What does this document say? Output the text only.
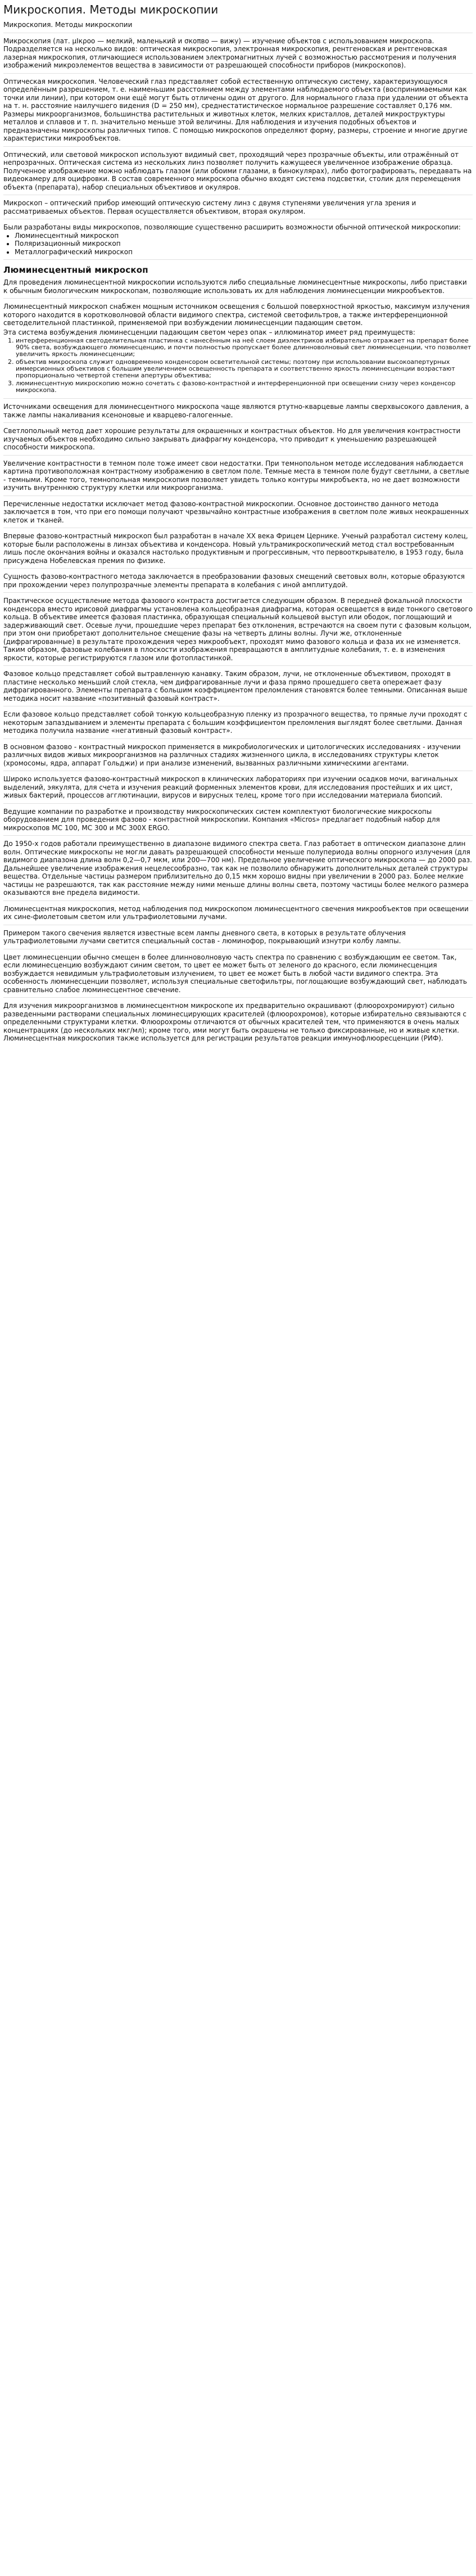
Микроскопия. Методы микроскопии

Микроскопия. Методы микроскопии

Микроскопия (лат. μΙкροο — мелкий, маленький и σкоπво — вижу) — изучение объектов с использованием микроскопа. Подразделяется на несколько видов: оптическая микроскопия, электронная микроскопия, рентгеновская и рентгеновская лазерная микроскопия, отличающиеся использованием электромагнитных лучей с возможностью рассмотрения и получения изображений микроэлементов вещества в зависимости от разрешающей способности приборов (микроскопов).

Оптическая микроскопия. Человеческий глаз представляет собой естественную оптическую систему, характеризующуюся определённым разрешением, т. е. наименьшим расстоянием между элементами наблюдаемого объекта (воспринимаемыми как точки или линии), при котором они ещё могут быть отличены один от другого. Для нормального глаза при удалении от объекта на т. н. расстояние наилучшего видения (D = 250 мм), среднестатистическое нормальное разрешение составляет 0,176 мм. Размеры микроорганизмов, большинства растительных и животных клеток, мелких кристаллов, деталей микроструктуры металлов и сплавов и т. п. значительно меньше этой величины. Для наблюдения и изучения подобных объектов и предназначены микроскопы различных типов. С помощью микроскопов определяют форму, размеры, строение и многие другие характеристики микрообъектов.

Оптический, или световой микроскоп используют видимый свет, проходящий через прозрачные объекты, или отражённый от непрозрачных. Оптическая система из нескольких линз позволяет получить кажущееся увеличенное изображение образца. Полученное изображение можно наблюдать глазом (или обоими глазами, в бинокулярах), либо фотографировать, передавать на видеокамеру для оцифровки. В состав современного микроскопа обычно входят система подсветки, столик для перемещения объекта (препарата), набор специальных объективов и окуляров.

Микроскоп – оптический прибор имеющий оптическую систему линз с двумя ступенями увеличения угла зрения и рассматриваемых объектов. Первая осуществляется объективом, вторая окуляром.

Были разработаны виды микроскопов, позволяющие существенно расширить возможности обычной оптической микроскопии:

• Люминесцентный микроскоп
• Поляризационный микроскоп
• Металлографический микроскоп
Люминесцентный микроскоп

Для проведения люминесцентной микроскопии используются либо специальные люминесцентные микроскопы, либо приставки к обычным биологическим микроскопам, позволяющие использовать их для наблюдения люминесценции микрообъектов.

Люминесцентный микроскоп снабжен мощным источником освещения с большой поверхностной яркостью, максимум излучения которого находится в коротковолновой области видимого спектра, системой светофильтров, а также интерференционной светоделительной пластинкой, применяемой при возбуждении люминесценции падающим светом.

Эта система возбуждения люминесценции падающим светом через опак – иллюминатор имеет ряд преимуществ:

1. интерференционная светоделительная пластинка с нанесённым на неё слоем диэлектриков избирательно отражает на препарат более 90% света, возбуждающего люминесценцию, и почти полностью пропускает более длинноволновый свет люминесценции, что позволяет увеличить яркость люминесценции;
2. объектив микроскопа служит одновременно конденсором осветительной системы; поэтому при использовании высокоапертурных иммерсионных объективов с большим увеличением освещенность препарата и соответственно яркость люминесценции возрастают пропорционально четвертой степени апертуры объектива;
3. люминесцентную микроскопию можно сочетать с фазово-контрастной и интерференционной при освещении снизу через конденсор микроскопа.

Источниками освещения для люминесцентного микроскопа чаще являются ртутно-кварцевые лампы сверхвысокого давления, а также лампы накаливания ксеноновые и кварцево-галогенные.

Светлопольный метод дает хорошие результаты для окрашенных и контрастных объектов. Но для увеличения контрастности изучаемых объектов необходимо сильно закрывать диафрагму конденсора, что приводит к уменьшению разрешающей способности микроскопа.

Увеличение контрастности в темном поле тоже имеет свои недостатки. При темнопольном методе исследования наблюдается картина противоположная контрастному изображению в светлом поле. Темные места в темном поле будут светлыми, а светлые - темными. Кроме того, темнопольная микроскопия позволяет увидеть только контуры микробъекта, но не дает возможности изучить внутреннюю структуру клетки или микроорганизма.

Перечисленные недостатки исключает метод фазово-контрастной микроскопии. Основное достоинство данного метода заключается в том, что при его помощи получают чрезвычайно контрастные изображения в светлом поле живых неокрашенных клеток и тканей.

Впервые фазово-контрастный микроскоп был разработан в начале XX века Фрицем Цернике. Ученый разработал систему колец, которые были расположены в линзах объектива и конденсора. Новый ультрамикроскопический метод стал востребованным лишь после окончания войны и оказался настолько продуктивным и прогрессивным, что первооткрывателю, в 1953 году, была присуждена Нобелевская премия по физике.

Сущность фазово-контрастного метода заключается в преобразовании фазовых смещений световых волн, которые образуются при прохождении через полупрозрачные элементы препарата в колебания с иной амплитудой.

Практическое осуществление метода фазового контраста достигается следующим образом. В передней фокальной плоскости конденсора вместо ирисовой диафрагмы установлена кольцеобразная диафрагма, которая освещается в виде тонкого светового кольца. В объективе имеется фазовая пластинка, образующая специальный кольцевой выступ или ободок, поглощающий и задерживающий свет. Осевые лучи, прошедшие через препарат без отклонения, встречаются на своем пути с фазовым кольцом, при этом они приобретают дополнительное смещение фазы на четверть длины волны. Лучи же, отклоненные (дифрагированные) в результате прохождения через микрообъект, проходят мимо фазового кольца и фаза их не изменяется. Таким образом, фазовые колебания в плоскости изображения превращаются в амплитудные колебания, т. е. в изменения яркости, которые регистрируются глазом или фотопластинкой.

Фазовое кольцо представляет собой вытравленную канавку. Таким образом, лучи, не отклоненные объективом, проходят в пластине несколько меньший слой стекла, чем дифрагированные лучи и фаза прямо прошедшего света опережает фазу дифрагированного. Элементы препарата с большим коэффициентом преломления становятся более темными. Описанная выше методика носит название «позитивный фазовый контраст».

Если фазовое кольцо представляет собой тонкую кольцеобразную пленку из прозрачного вещества, то прямые лучи проходят с некоторым запаздыванием и элементы препарата с большим коэффициентом преломления выглядят более светлыми. Данная методика получила название «негативный фазовый контраст».

В основном фазово - контрастный микроскоп применяется в микробиологических и цитологических исследованиях - изучении различных видов живых микроорганизмов на различных стадиях жизненного цикла, в исследованиях структуры клеток (хромосомы, ядра, аппарат Гольджи) и при анализе изменений, вызванных различными химическими агентами.

Широко используется фазово-контрастный микроскоп в клинических лабораториях при изучении осадков мочи, вагинальных выделений, эякулята, для счета и изучения реакций форменных элементов крови, для исследования простейших и их цист, живых бактерий, процессов агглютинации, вирусов и вирусных телец, кроме того при исследовании материала биопсий.

Ведущие компании по разработке и производству микроскопических систем комплектуют биологические микроскопы оборудованием для проведения фазово - контрастной микроскопии. Компания «Micros» предлагает подобный набор для микроскопов МС 100, МС 300 и МС 300X ERGO.

До 1950-х годов работали преимущественно в диапазоне видимого спектра света. Глаз работает в оптическом диапазоне длин волн. Оптические микроскопы не могли давать разрешающей способности меньше полупериода волны опорного излучения (для видимого диапазона длина волн 0,2—0,7 мкм, или 200—700 нм). Предельное увеличение оптического микроскопа — до 2000 раз. Дальнейшее увеличение изображения нецелесообразно, так как не позволило обнаружить дополнительных деталей структуры вещества. Отдельные частицы размером приблизительно до 0,15 мкм хорошо видны при увеличении в 2000 раз. Более мелкие частицы не разрешаются, так как расстояние между ними меньше длины волны света, поэтому частицы более мелкого размера оказываются вне предела видимости.

Люминесцентная микроскопия, метод наблюдения под микроскопом люминесцентного свечения микрообъектов при освещении их сине-фиолетовым светом или ультрафиолетовыми лучами.

Примером такого свечения является известные всем лампы дневного света, в которых в результате облучения ультрафиолетовыми лучами светится специальный состав - люминофор, покрывающий изнутри колбу лампы.

Цвет люминесценции обычно смещен в более длинноволновую часть спектра по сравнению с возбуждающим ее светом. Так, если люминесценцию возбуждают синим светом, то цвет ее может быть от зеленого до красного, если люминесценция возбуждается невидимым ультрафиолетовым излучением, то цвет ее может быть в любой части видимого спектра. Эта особенность люминесценции позволяет, используя специальные светофильтры, поглощающие возбуждающий свет, наблюдать сравнительно слабое люминесцентное свечение.

Для изучения микроорганизмов в люминесцентном микроскопе их предварительно окрашивают (флюорохромируют) сильно разведенными растворами специальных люминесцирующих красителей (флюорохромов), которые избирательно связываются с определенными структурами клетки. Флюорохромы отличаются от обычных красителей тем, что применяются в очень малых концентрациях (до нескольких мкг/мл); кроме того, ими могут быть окрашены не только фиксированные, но и живые клетки. Люминесцентная микроскопия также используется для регистрации результатов реакции иммунофлюоресценции (РИФ).
